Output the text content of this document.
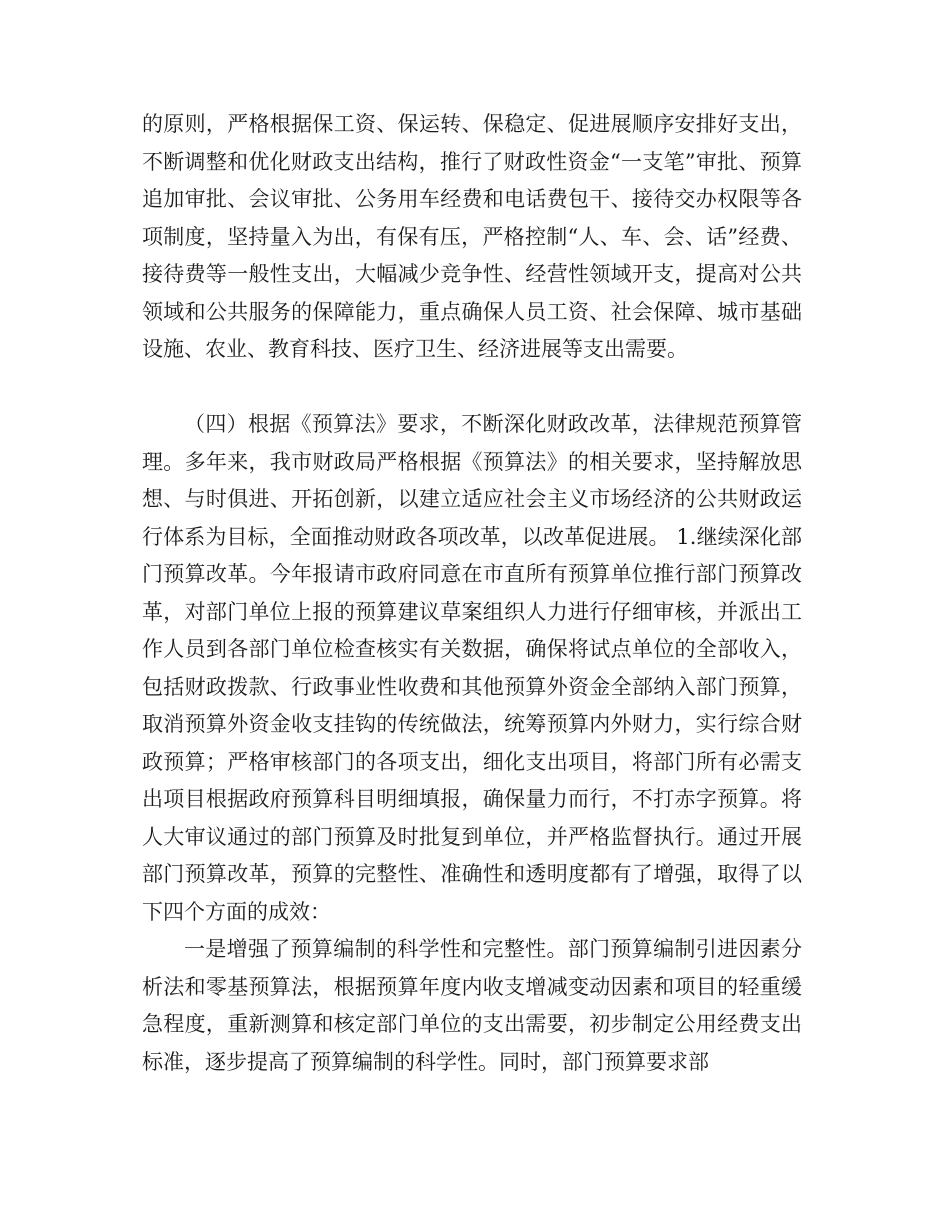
的原则，严格根据保工资、保运转、保稳定、促进展顺序安排好支出，不断调整和优化财政支出结构，推行了财政性资金“一支笔”审批、预算追加审批、会议审批、公务用车经费和电话费包干、接待交办权限等各项制度，坚持量入为出，有保有压，严格控制“人、车、会、话”经费、接待费等一般性支出，大幅减少竞争性、经营性领域开支，提高对公共领域和公共服务的保障能力，重点确保人员工资、社会保障、城市基础设施、农业、教育科技、医疗卫生、经济进展等支出需要。

（四）根据《预算法》要求，不断深化财政改革，法律规范预算管理。多年来，我市财政局严格根据《预算法》的相关要求，坚持解放思想、与时俱进、开拓创新，以建立适应社会主义市场经济的公共财政运行体系为目标，全面推动财政各项改革，以改革促进展。 1.继续深化部门预算改革。今年报请市政府同意在市直所有预算单位推行部门预算改革，对部门单位上报的预算建议草案组织人力进行仔细审核，并派出工作人员到各部门单位检查核实有关数据，确保将试点单位的全部收入，包括财政拨款、行政事业性收费和其他预算外资金全部纳入部门预算，取消预算外资金收支挂钩的传统做法，统筹预算内外财力，实行综合财政预算；严格审核部门的各项支出，细化支出项目，将部门所有必需支出项目根据政府预算科目明细填报，确保量力而行，不打赤字预算。将人大审议通过的部门预算及时批复到单位，并严格监督执行。通过开展部门预算改革，预算的完整性、准确性和透明度都有了增强，取得了以下四个方面的成效：

一是增强了预算编制的科学性和完整性。部门预算编制引进因素分析法和零基预算法，根据预算年度内收支增减变动因素和项目的轻重缓急程度，重新测算和核定部门单位的支出需要，初步制定公用经费支出标准，逐步提高了预算编制的科学性。同时，部门预算要求部
